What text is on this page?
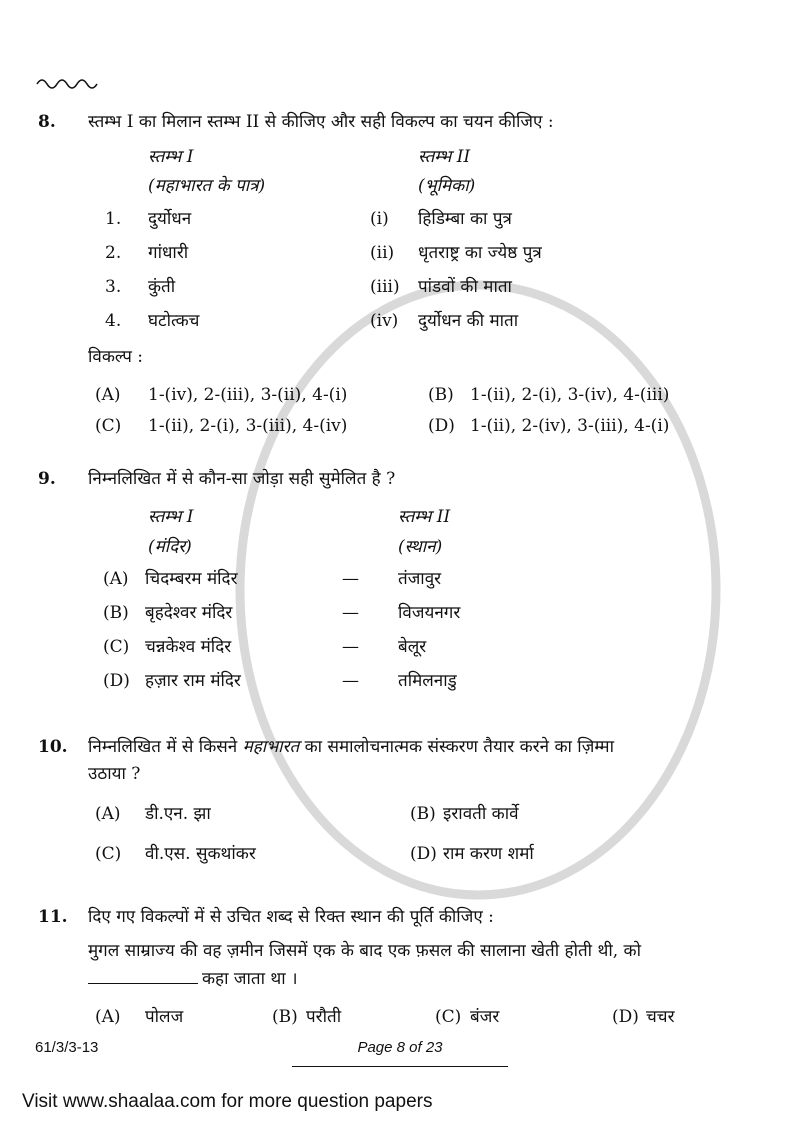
8.	स्तम्भ I का मिलान स्तम्भ II से कीजिए और सही विकल्प का चयन कीजिए :
स्तम्भ I	स्तम्भ II
(महाभारत के पात्र)	(भूमिका)
1.	दुर्योधन	(i)	हिडिम्बा का पुत्र
2.	गांधारी	(ii)	धृतराष्ट्र का ज्येष्ठ पुत्र
3.	कुंती	(iii)	पांडवों की माता
4.	घटोत्कच	(iv)	दुर्योधन की माता
विकल्प :
(A)	1-(iv), 2-(iii), 3-(ii), 4-(i)	(B) 1-(ii), 2-(i), 3-(iv), 4-(iii)
(C)	1-(ii), 2-(i), 3-(iii), 4-(iv)	(D) 1-(ii), 2-(iv), 3-(iii), 4-(i)
9.	निम्नलिखित में से कौन-सा जोड़ा सही सुमेलित है ?
स्तम्भ I	स्तम्भ II
(मंदिर)	(स्थान)
(A) चिदम्बरम मंदिर	—	तंजावुर
(B) बृहदेश्वर मंदिर	—	विजयनगर
(C) चन्नकेश्व मंदिर	—	बेलूर
(D) हज़ार राम मंदिर	—	तमिलनाडु
10.	निम्नलिखित में से किसने महाभारत का समालोचनात्मक संस्करण तैयार करने का ज़िम्मा
उठाया ?
(A)	डी.एन. झा	(B) इरावती कार्वे
(C)	वी.एस. सुकथांकर	(D) राम करण शर्मा
11.	दिए गए विकल्पों में से उचित शब्द से रिक्त स्थान की पूर्ति कीजिए :
मुगल साम्राज्य की वह ज़मीन जिसमें एक के बाद एक फ़सल की सालाना खेती होती थी, को
कहा जाता था ।
(A)	पोलज	(B) परौती	(C) बंजर	(D) चचर
61/3/3-13	Page 8 of 23
Visit www.shaalaa.com for more question papers
